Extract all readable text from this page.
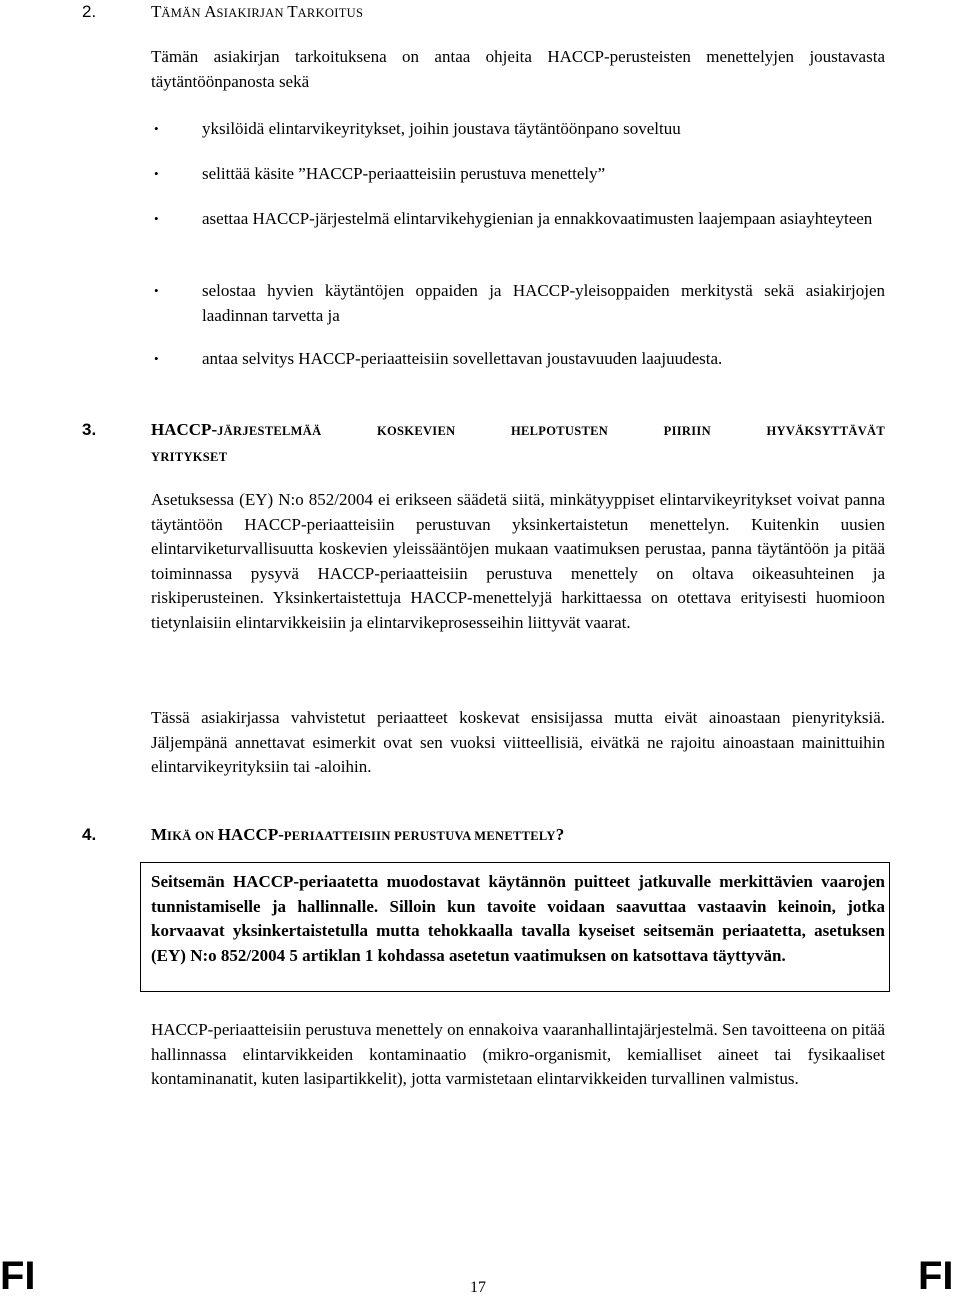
2.	TÄMÄN ASIAKIRJAN TARKOITUS
Tämän asiakirjan tarkoituksena on antaa ohjeita HACCP-perusteisten menettelyjen joustavasta täytäntöönpanosta sekä
•	yksilöidä elintarvikeyritykset, joihin joustava täytäntöönpano soveltuu
•	selittää käsite ”HACCP-periaatteisiin perustuva menettely”
•	asettaa HACCP-järjestelmä elintarvikehygienian ja ennakkovaatimusten laajempaan asiayhteyteen
•	selostaa hyvien käytäntöjen oppaiden ja HACCP-yleisoppaiden merkitystä sekä asiakirjojen laadinnan tarvetta ja
•	antaa selvitys HACCP-periaatteisiin sovellettavan joustavuuden laajuudesta.
3.	HACCP-JÄRJESTELMÄÄ	KOSKEVIEN	HELPOTUSTEN	PIIRIIN	HYVÄKSYTTÄVÄT
YRITYKSET
Asetuksessa (EY) N:o 852/2004 ei erikseen säädetä siitä, minkätyyppiset elintarvikeyritykset voivat panna täytäntöön HACCP-periaatteisiin perustuvan yksinkertaistetun menettelyn. Kuitenkin uusien elintarviketurvallisuutta koskevien yleissääntöjen mukaan vaatimuksen perustaa, panna täytäntöön ja pitää toiminnassa pysyvä HACCP-periaatteisiin perustuva menettely on oltava oikeasuhteinen ja riskiperusteinen. Yksinkertaistettuja HACCP-menettelyjä harkittaessa on otettava erityisesti huomioon tietynlaisiin elintarvikkeisiin ja elintarvikeprosesseihin liittyvät vaarat.
Tässä asiakirjassa vahvistetut periaatteet koskevat ensisijassa mutta eivät ainoastaan pienyrityksiä. Jäljempänä annettavat esimerkit ovat sen vuoksi viitteellisiä, eivätkä ne rajoitu ainoastaan mainittuihin elintarvikeyrityksiin tai -aloihin.
4.	MIKÄ ON HACCP-PERIAATTEISIIN PERUSTUVA MENETTELY?
Seitsemän HACCP-periaatetta muodostavat käytännön puitteet jatkuvalle merkittävien vaarojen tunnistamiselle ja hallinnalle. Silloin kun tavoite voidaan saavuttaa vastaavin keinoin, jotka korvaavat yksinkertaistetulla mutta tehokkaalla tavalla kyseiset seitsemän periaatetta, asetuksen (EY) N:o 852/2004 5 artiklan 1 kohdassa asetetun vaatimuksen on katsottava täyttyvän.
HACCP-periaatteisiin perustuva menettely on ennakoiva vaaranhallintajärjestelmä. Sen tavoitteena on pitää hallinnassa elintarvikkeiden kontaminaatio (mikro-organismit, kemialliset aineet tai fysikaaliset kontaminanatit, kuten lasipartikkelit), jotta varmistetaan elintarvikkeiden turvallinen valmistus.
FI	17	FI
